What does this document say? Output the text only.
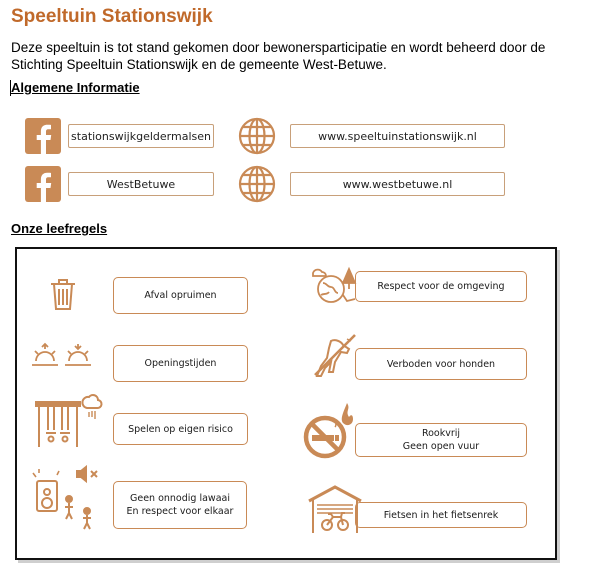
Speeltuin Stationswijk
Deze speeltuin is tot stand gekomen door bewonersparticipatie en wordt beheerd door de Stichting Speeltuin Stationswijk en de gemeente West-Betuwe.
Algemene Informatie
stationswijkgeldermalsen	www.speeltuinstationswijk.nl
WestBetuwe	www.westbetuwe.nl
Onze leefregels
Afval opruimen
Openingstijden
Spelen op eigen risico
Geen onnodig lawaai
En respect voor elkaar
Respect voor de omgeving
Verboden voor honden
Rookvrij
Geen open vuur
Fietsen in het fietsenrek
